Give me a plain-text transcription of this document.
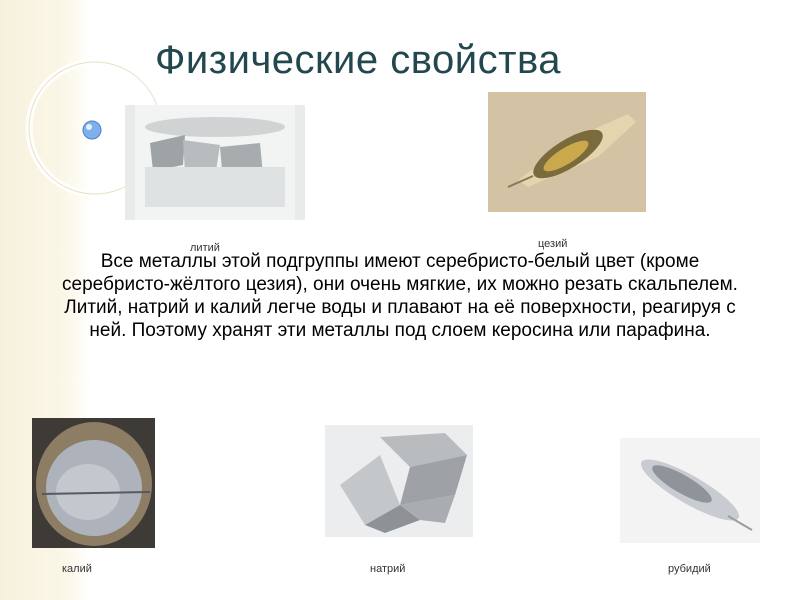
Физические свойства
литий	цезий
Все металлы этой подгруппы имеют серебристо-белый цвет (кроме серебристо-жёлтого цезия), они очень мягкие, их можно резать скальпелем. Литий, натрий и калий легче воды и плавают на её поверхности, реагируя с ней. Поэтому хранят эти металлы под слоем керосина или парафина.
калий	натрий	рубидий
